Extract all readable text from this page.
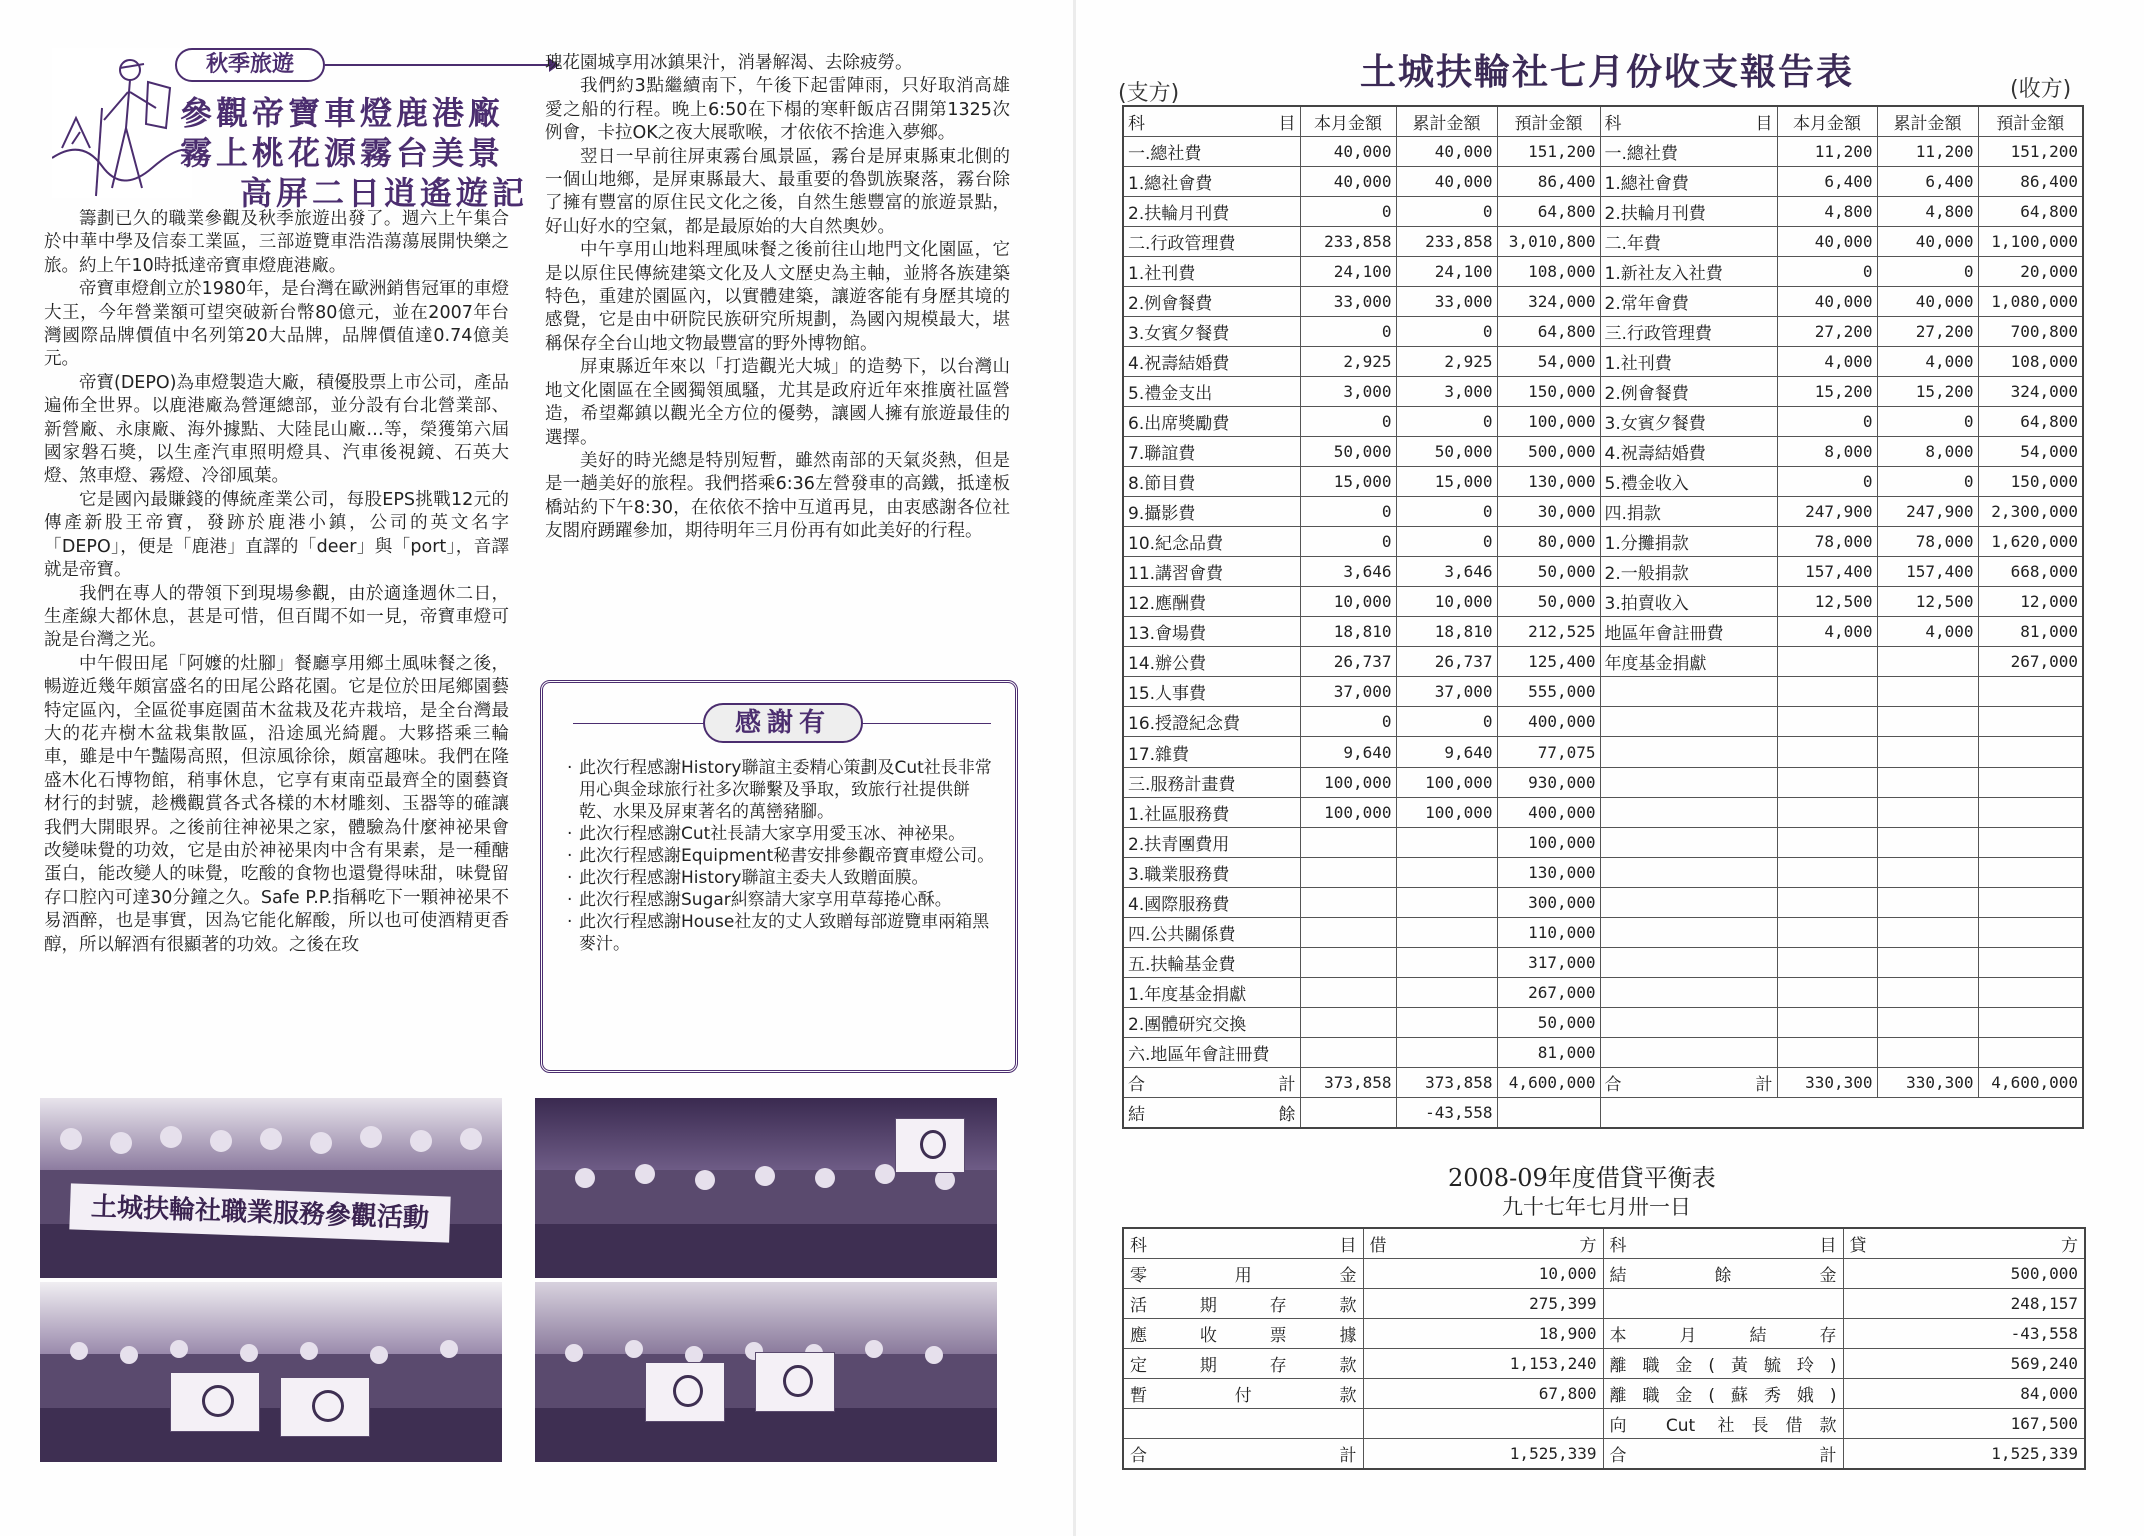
秋季旅遊
參觀帝寶車燈鹿港廠
霧上桃花源霧台美景
高屏二日逍遙遊記

籌劃已久的職業參觀及秋季旅遊出發了。週六上午集合於中華中學及信泰工業區，三部遊覽車浩浩蕩蕩展開快樂之旅。約上午10時抵達帝寶車燈鹿港廠。

帝寶車燈創立於1980年，是台灣在歐洲銷售冠軍的車燈大王，今年營業額可望突破新台幣80億元，並在2007年台灣國際品牌價值中名列第20大品牌，品牌價值達0.74億美元。

帝寶(DEPO)為車燈製造大廠，積優股票上市公司，產品遍佈全世界。以鹿港廠為營運總部，並分設有台北營業部、新營廠、永康廠、海外據點、大陸昆山廠…等，榮獲第六屆國家磐石獎，以生產汽車照明燈具、汽車後視鏡、石英大燈、煞車燈、霧燈、冷卻風葉。

它是國內最賺錢的傳統產業公司，每股EPS挑戰12元的傳產新股王帝寶，發跡於鹿港小鎮，公司的英文名字「DEPO」，便是「鹿港」直譯的「deer」與「port」，音譯就是帝寶。

我們在專人的帶領下到現場參觀，由於適逢週休二日，生產線大都休息，甚是可惜，但百聞不如一見，帝寶車燈可說是台灣之光。

中午假田尾「阿嬤的灶腳」餐廳享用鄉土風味餐之後，暢遊近幾年頗富盛名的田尾公路花園。它是位於田尾鄉園藝特定區內，全區從事庭園苗木盆栽及花卉栽培，是全台灣最大的花卉樹木盆栽集散區，沿途風光綺麗。大夥搭乘三輪車，雖是中午豔陽高照，但涼風徐徐，頗富趣味。我們在隆盛木化石博物館，稍事休息，它享有東南亞最齊全的園藝資材行的封號，趁機觀賞各式各樣的木材雕刻、玉器等的確讓我們大開眼界。之後前往神祕果之家，體驗為什麼神祕果會改變味覺的功效，它是由於神祕果肉中含有果素，是一種醣蛋白，能改變人的味覺，吃酸的食物也還覺得味甜，味覺留存口腔內可達30分鐘之久。Safe P.P.指稱吃下一顆神祕果不易酒醉，也是事實，因為它能化解酸，所以也可使酒精更香醇，所以解酒有很顯著的功效。之後在玫

瑰花園城享用冰鎮果汁，消暑解渴、去除疲勞。

我們約3點繼續南下，午後下起雷陣雨，只好取消高雄愛之船的行程。晚上6:50在下榻的寒軒飯店召開第1325次例會，卡拉OK之夜大展歌喉，才依依不捨進入夢鄉。

翌日一早前往屏東霧台風景區，霧台是屏東縣東北側的一個山地鄉，是屏東縣最大、最重要的魯凱族聚落，霧台除了擁有豐富的原住民文化之後，自然生態豐富的旅遊景點，好山好水的空氣，都是最原始的大自然奧妙。

中午享用山地料理風味餐之後前往山地門文化園區，它是以原住民傳統建築文化及人文歷史為主軸，並將各族建築特色，重建於園區內，以實體建築，讓遊客能有身歷其境的感覺，它是由中研院民族研究所規劃，為國內規模最大，堪稱保存全台山地文物最豐富的野外博物館。

屏東縣近年來以「打造觀光大城」的造勢下，以台灣山地文化園區在全國獨領風騷，尤其是政府近年來推廣社區營造，希望鄰鎮以觀光全方位的優勢，讓國人擁有旅遊最佳的選擇。

美好的時光總是特別短暫，雖然南部的天氣炎熱，但是是一趟美好的旅程。我們搭乘6:36左營發車的高鐵，抵達板橋站約下午8:30，在依依不捨中互道再見，由衷感謝各位社友閤府踴躍參加，期待明年三月份再有如此美好的行程。

感謝有
· 此次行程感謝History聯誼主委精心策劃及Cut社長非常用心與金球旅行社多次聯繫及爭取，致旅行社提供餅乾、水果及屏東著名的萬巒豬腳。
· 此次行程感謝Cut社長請大家享用愛玉冰、神祕果。
· 此次行程感謝Equipment秘書安排參觀帝寶車燈公司。
· 此次行程感謝History聯誼主委夫人致贈面膜。
· 此次行程感謝Sugar糾察請大家享用草莓捲心酥。
· 此次行程感謝House社友的丈人致贈每部遊覽車兩箱黑麥汁。
土城扶輪社職業服務參觀活動
土城扶輪社七月份收支報告表
(支方)	(收方)
科 目	本月金額	累計金額	預計金額	科 目	本月金額	累計金額	預計金額
一.總社費	40,000	40,000	151,200	一.總社費	11,200	11,200	151,200
1.總社會費	40,000	40,000	86,400	1.總社會費	6,400	6,400	86,400
2.扶輪月刊費	0	0	64,800	2.扶輪月刊費	4,800	4,800	64,800
二.行政管理費	233,858	233,858	3,010,800	二.年費	40,000	40,000	1,100,000
1.社刊費	24,100	24,100	108,000	1.新社友入社費	0	0	20,000
2.例會餐費	33,000	33,000	324,000	2.常年會費	40,000	40,000	1,080,000
3.女賓夕餐費	0	0	64,800	三.行政管理費	27,200	27,200	700,800
4.祝壽結婚費	2,925	2,925	54,000	1.社刊費	4,000	4,000	108,000
5.禮金支出	3,000	3,000	150,000	2.例會餐費	15,200	15,200	324,000
6.出席獎勵費	0	0	100,000	3.女賓夕餐費	0	0	64,800
7.聯誼費	50,000	50,000	500,000	4.祝壽結婚費	8,000	8,000	54,000
8.節目費	15,000	15,000	130,000	5.禮金收入	0	0	150,000
9.攝影費	0	0	30,000	四.捐款	247,900	247,900	2,300,000
10.紀念品費	0	0	80,000	1.分攤捐款	78,000	78,000	1,620,000
11.講習會費	3,646	3,646	50,000	2.一般捐款	157,400	157,400	668,000
12.應酬費	10,000	10,000	50,000	3.拍賣收入	12,500	12,500	12,000
13.會場費	18,810	18,810	212,525	地區年會註冊費	4,000	4,000	81,000
14.辦公費	26,737	26,737	125,400	年度基金捐獻			267,000
15.人事費	37,000	37,000	555,000				
16.授證紀念費	0	0	400,000				
17.雜費	9,640	9,640	77,075				
三.服務計畫費	100,000	100,000	930,000				
1.社區服務費	100,000	100,000	400,000				
2.扶青團費用			100,000				
3.職業服務費			130,000				
4.國際服務費			300,000				
四.公共關係費			110,000				
五.扶輪基金費			317,000				
1.年度基金捐獻			267,000				
2.團體研究交換			50,000				
六.地區年會註冊費			81,000				

合 計	373,858	373,858	4,600,000	合 計	330,300	330,300	4,600,000

結 餘		-43,558					
2008-09年度借貸平衡表
九十七年七月卅一日
科 目	借 方	科 目	貸 方

零　　用　　金	10,000	結　　餘　　金	500,000
活　期　存　款	275,399		248,157
應　收　票　據	18,900	本　月　結　存	-43,558
定　期　存　款	1,153,240	離職金(黃毓玲)	569,240
暫　　付　　款	67,800	離職金(蘇秀娥)	84,000
		向 Cut 社長借款	167,500

合 計	1,525,339	合 計	1,525,339
